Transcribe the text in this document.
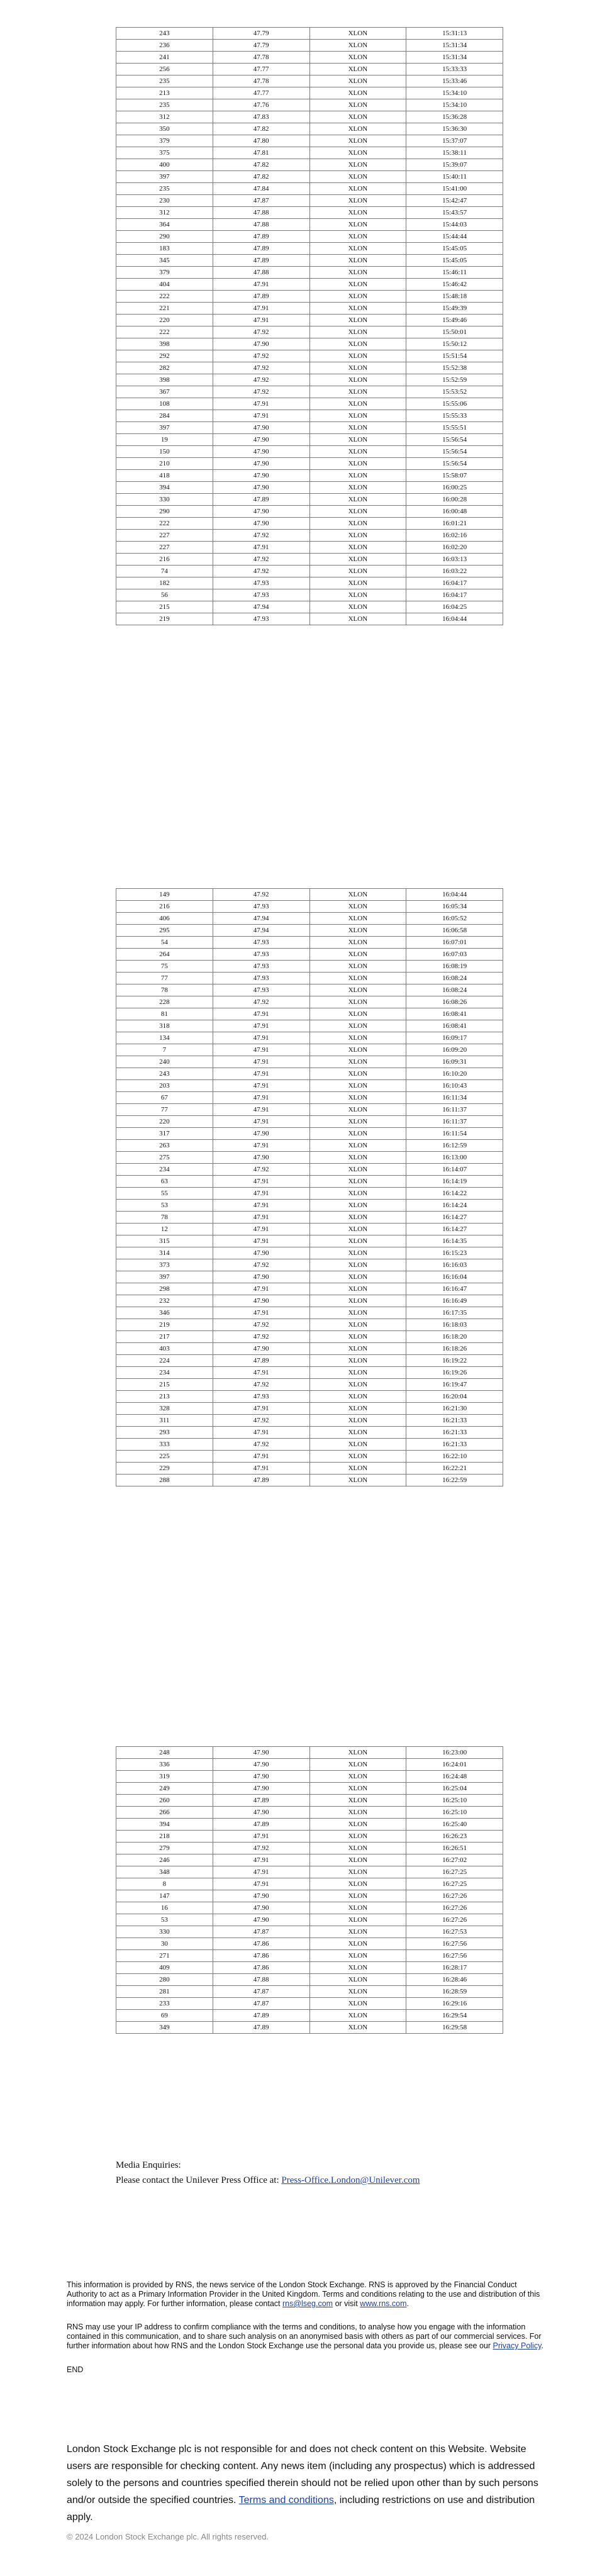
243	47.79	XLON	15:31:13
236	47.79	XLON	15:31:34
241	47.78	XLON	15:31:34
256	47.77	XLON	15:33:33
235	47.78	XLON	15:33:46
213	47.77	XLON	15:34:10
235	47.76	XLON	15:34:10
312	47.83	XLON	15:36:28
350	47.82	XLON	15:36:30
379	47.80	XLON	15:37:07
375	47.81	XLON	15:38:11
400	47.82	XLON	15:39:07
397	47.82	XLON	15:40:11
235	47.84	XLON	15:41:00
230	47.87	XLON	15:42:47
312	47.88	XLON	15:43:57
364	47.88	XLON	15:44:03
290	47.89	XLON	15:44:44
183	47.89	XLON	15:45:05
345	47.89	XLON	15:45:05
379	47.88	XLON	15:46:11
404	47.91	XLON	15:46:42
222	47.89	XLON	15:48:18
221	47.91	XLON	15:49:39
220	47.91	XLON	15:49:46
222	47.92	XLON	15:50:01
398	47.90	XLON	15:50:12
292	47.92	XLON	15:51:54
282	47.92	XLON	15:52:38
398	47.92	XLON	15:52:59
367	47.92	XLON	15:53:52
108	47.91	XLON	15:55:06
284	47.91	XLON	15:55:33
397	47.90	XLON	15:55:51
19	47.90	XLON	15:56:54
150	47.90	XLON	15:56:54
210	47.90	XLON	15:56:54
418	47.90	XLON	15:58:07
394	47.90	XLON	16:00:25
330	47.89	XLON	16:00:28
290	47.90	XLON	16:00:48
222	47.90	XLON	16:01:21
227	47.92	XLON	16:02:16
227	47.91	XLON	16:02:20
216	47.92	XLON	16:03:13
74	47.92	XLON	16:03:22
182	47.93	XLON	16:04:17
56	47.93	XLON	16:04:17
215	47.94	XLON	16:04:25
219	47.93	XLON	16:04:44
149	47.92	XLON	16:04:44
216	47.93	XLON	16:05:34
406	47.94	XLON	16:05:52
295	47.94	XLON	16:06:58
54	47.93	XLON	16:07:01
264	47.93	XLON	16:07:03
75	47.93	XLON	16:08:19
77	47.93	XLON	16:08:24
78	47.93	XLON	16:08:24
228	47.92	XLON	16:08:26
81	47.91	XLON	16:08:41
318	47.91	XLON	16:08:41
134	47.91	XLON	16:09:17
7	47.91	XLON	16:09:20
240	47.91	XLON	16:09:31
243	47.91	XLON	16:10:20
203	47.91	XLON	16:10:43
67	47.91	XLON	16:11:34
77	47.91	XLON	16:11:37
220	47.91	XLON	16:11:37
317	47.90	XLON	16:11:54
263	47.91	XLON	16:12:59
275	47.90	XLON	16:13:00
234	47.92	XLON	16:14:07
63	47.91	XLON	16:14:19
55	47.91	XLON	16:14:22
53	47.91	XLON	16:14:24
78	47.91	XLON	16:14:27
12	47.91	XLON	16:14:27
315	47.91	XLON	16:14:35
314	47.90	XLON	16:15:23
373	47.92	XLON	16:16:03
397	47.90	XLON	16:16:04
298	47.91	XLON	16:16:47
232	47.90	XLON	16:16:49
346	47.91	XLON	16:17:35
219	47.92	XLON	16:18:03
217	47.92	XLON	16:18:20
403	47.90	XLON	16:18:26
224	47.89	XLON	16:19:22
234	47.91	XLON	16:19:26
215	47.92	XLON	16:19:47
213	47.93	XLON	16:20:04
328	47.91	XLON	16:21:30
311	47.92	XLON	16:21:33
293	47.91	XLON	16:21:33
333	47.92	XLON	16:21:33
225	47.91	XLON	16:22:10
229	47.91	XLON	16:22:21
288	47.89	XLON	16:22:59
248	47.90	XLON	16:23:00
336	47.90	XLON	16:24:01
319	47.90	XLON	16:24:48
249	47.90	XLON	16:25:04
260	47.89	XLON	16:25:10
266	47.90	XLON	16:25:10
394	47.89	XLON	16:25:40
218	47.91	XLON	16:26:23
279	47.92	XLON	16:26:51
246	47.91	XLON	16:27:02
348	47.91	XLON	16:27:25
8	47.91	XLON	16:27:25
147	47.90	XLON	16:27:26
16	47.90	XLON	16:27:26
53	47.90	XLON	16:27:26
330	47.87	XLON	16:27:53
30	47.86	XLON	16:27:56
271	47.86	XLON	16:27:56
409	47.86	XLON	16:28:17
280	47.88	XLON	16:28:46
281	47.87	XLON	16:28:59
233	47.87	XLON	16:29:16
69	47.89	XLON	16:29:54
349	47.89	XLON	16:29:58
Media Enquiries:
Please contact the Unilever Press Office at: Press-Office.London@Unilever.com

This information is provided by RNS, the news service of the London Stock Exchange. RNS is approved by the Financial Conduct Authority to act as a Primary Information Provider in the United Kingdom. Terms and conditions relating to the use and distribution of this information may apply. For further information, please contact rns@lseg.com or visit www.rns.com.

RNS may use your IP address to confirm compliance with the terms and conditions, to analyse how you engage with the information contained in this communication, and to share such analysis on an anonymised basis with others as part of our commercial services. For further information about how RNS and the London Stock Exchange use the personal data you provide us, please see our Privacy Policy.

END

London Stock Exchange plc is not responsible for and does not check content on this Website. Website users are responsible for checking content. Any news item (including any prospectus) which is addressed solely to the persons and countries specified therein should not be relied upon other than by such persons and/or outside the specified countries. Terms and conditions, including restrictions on use and distribution apply.

© 2024 London Stock Exchange plc. All rights reserved.
